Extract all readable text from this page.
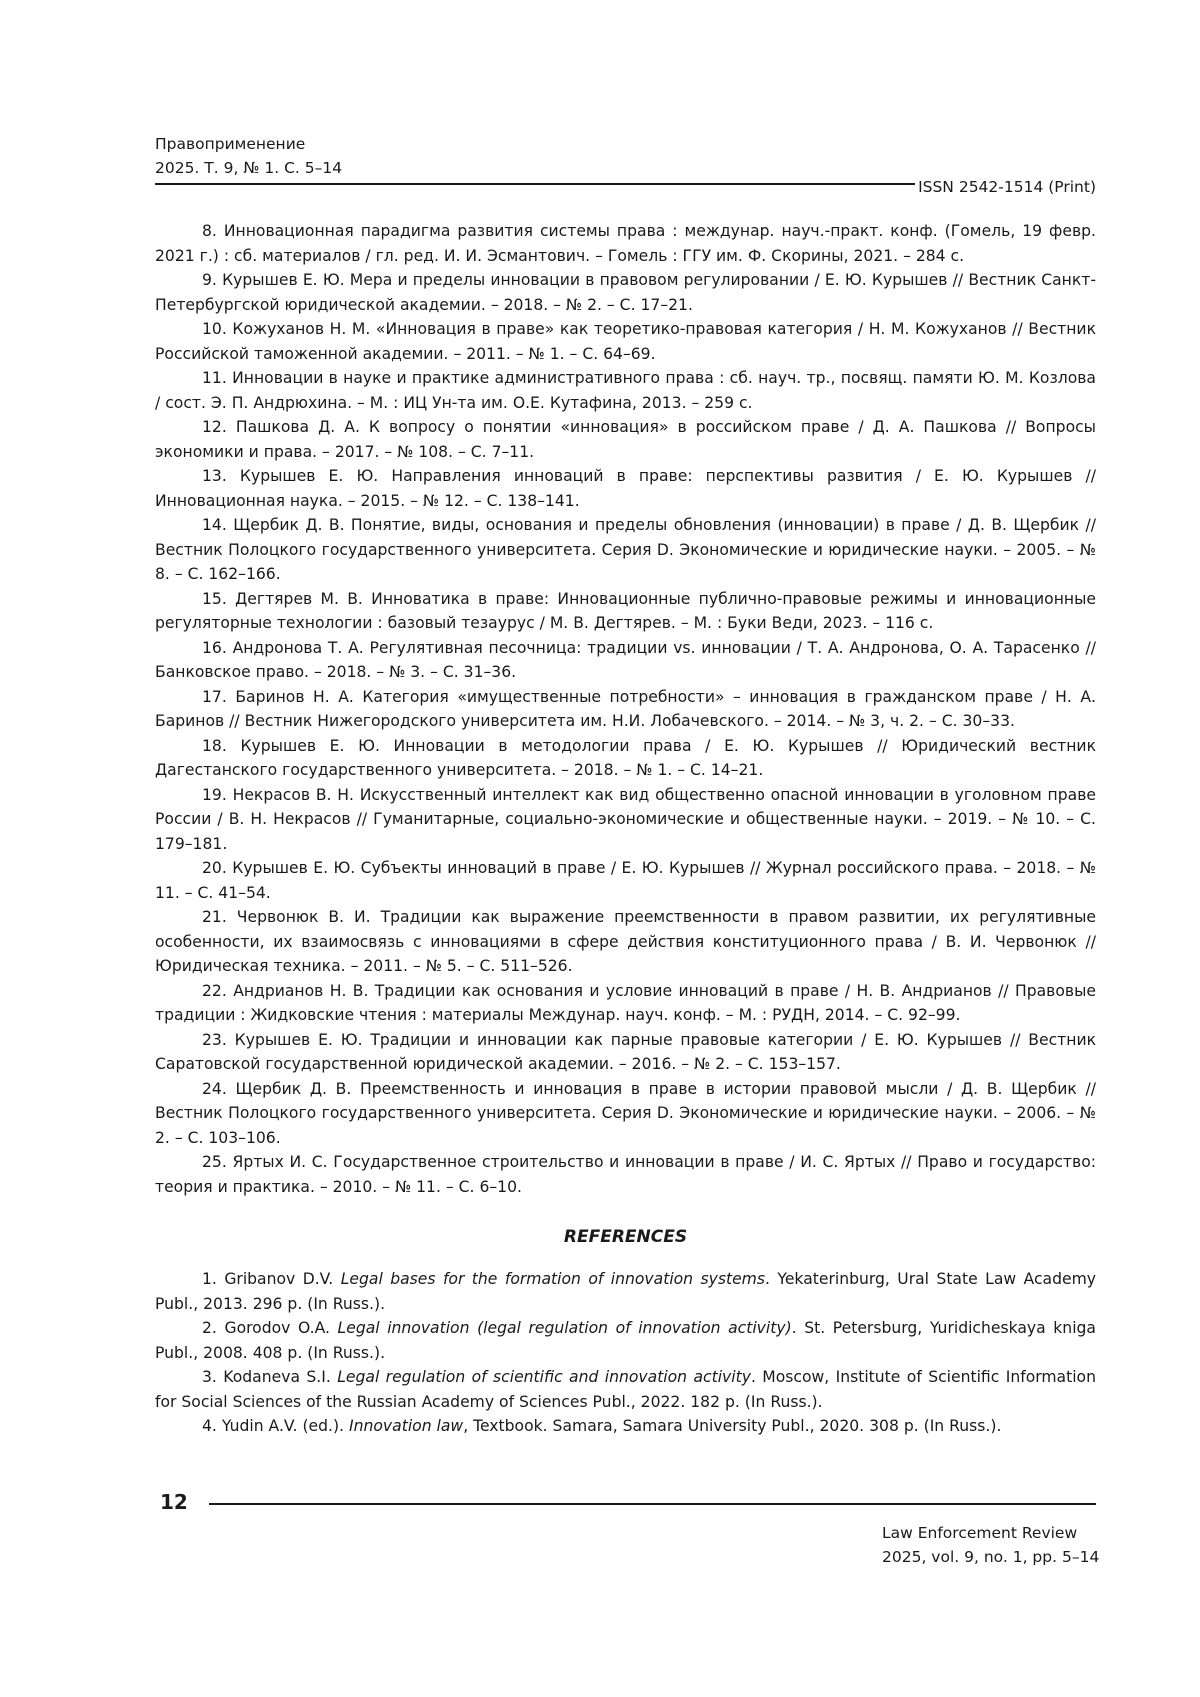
Правоприменение
2025. Т. 9, № 1. С. 5–14
ISSN 2542-1514 (Print)

8. Инновационная парадигма развития системы права : междунар. науч.-практ. конф. (Гомель, 19 февр. 2021 г.) : сб. материалов / гл. ред. И. И. Эсмантович. – Гомель : ГГУ им. Ф. Скорины, 2021. – 284 с.

9. Курышев Е. Ю. Мера и пределы инновации в правовом регулировании / Е. Ю. Курышев // Вестник Санкт-Петербургской юридической академии. – 2018. – № 2. – С. 17–21.

10. Кожуханов Н. М. «Инновация в праве» как теоретико-правовая категория / Н. М. Кожуханов // Вестник Российской таможенной академии. – 2011. – № 1. – С. 64–69.

11. Инновации в науке и практике административного права : сб. науч. тр., посвящ. памяти Ю. М. Козлова / сост. Э. П. Андрюхина. – М. : ИЦ Ун-та им. О.Е. Кутафина, 2013. – 259 с.

12. Пашкова Д. А. К вопросу о понятии «инновация» в российском праве / Д. А. Пашкова // Вопросы экономики и права. – 2017. – № 108. – С. 7–11.

13. Курышев Е. Ю. Направления инноваций в праве: перспективы развития / Е. Ю. Курышев // Инновационная наука. – 2015. – № 12. – С. 138–141.

14. Щербик Д. В. Понятие, виды, основания и пределы обновления (инновации) в праве / Д. В. Щербик // Вестник Полоцкого государственного университета. Серия D. Экономические и юридические науки. – 2005. – № 8. – С. 162–166.

15. Дегтярев М. В. Инноватика в праве: Инновационные публично-правовые режимы и инновационные регуляторные технологии : базовый тезаурус / М. В. Дегтярев. – М. : Буки Веди, 2023. – 116 с.

16. Андронова Т. А. Регулятивная песочница: традиции vs. инновации / Т. А. Андронова, О. А. Тарасенко // Банковское право. – 2018. – № 3. – С. 31–36.

17. Баринов Н. А. Категория «имущественные потребности» – инновация в гражданском праве / Н. А. Баринов // Вестник Нижегородского университета им. Н.И. Лобачевского. – 2014. – № 3, ч. 2. – С. 30–33.

18. Курышев Е. Ю. Инновации в методологии права / Е. Ю. Курышев // Юридический вестник Дагестанского государственного университета. – 2018. – № 1. – С. 14–21.

19. Некрасов В. Н. Искусственный интеллект как вид общественно опасной инновации в уголовном праве России / В. Н. Некрасов // Гуманитарные, социально-экономические и общественные науки. – 2019. – № 10. – С. 179–181.

20. Курышев Е. Ю. Субъекты инноваций в праве / Е. Ю. Курышев // Журнал российского права. – 2018. – № 11. – С. 41–54.

21. Червонюк В. И. Традиции как выражение преемственности в правом развитии, их регулятивные особенности, их взаимосвязь с инновациями в сфере действия конституционного права / В. И. Червонюк // Юридическая техника. – 2011. – № 5. – С. 511–526.

22. Андрианов Н. В. Традиции как основания и условие инноваций в праве / Н. В. Андрианов // Правовые традиции : Жидковские чтения : материалы Междунар. науч. конф. – М. : РУДН, 2014. – С. 92–99.

23. Курышев Е. Ю. Традиции и инновации как парные правовые категории / Е. Ю. Курышев // Вестник Саратовской государственной юридической академии. – 2016. – № 2. – С. 153–157.

24. Щербик Д. В. Преемственность и инновация в праве в истории правовой мысли / Д. В. Щербик // Вестник Полоцкого государственного университета. Серия D. Экономические и юридические науки. – 2006. – № 2. – С. 103–106.

25. Яртых И. С. Государственное строительство и инновации в праве / И. С. Яртых // Право и государство: теория и практика. – 2010. – № 11. – С. 6–10.

REFERENCES

1. Gribanov D.V. Legal bases for the formation of innovation systems. Yekaterinburg, Ural State Law Academy Publ., 2013. 296 p. (In Russ.).

2. Gorodov O.A. Legal innovation (legal regulation of innovation activity). St. Petersburg, Yuridicheskaya kniga Publ., 2008. 408 p. (In Russ.).

3. Kodaneva S.I. Legal regulation of scientific and innovation activity. Moscow, Institute of Scientific Information for Social Sciences of the Russian Academy of Sciences Publ., 2022. 182 p. (In Russ.).

4. Yudin A.V. (ed.). Innovation law, Textbook. Samara, Samara University Publ., 2020. 308 p. (In Russ.).

12
Law Enforcement Review
2025, vol. 9, no. 1, pp. 5–14
